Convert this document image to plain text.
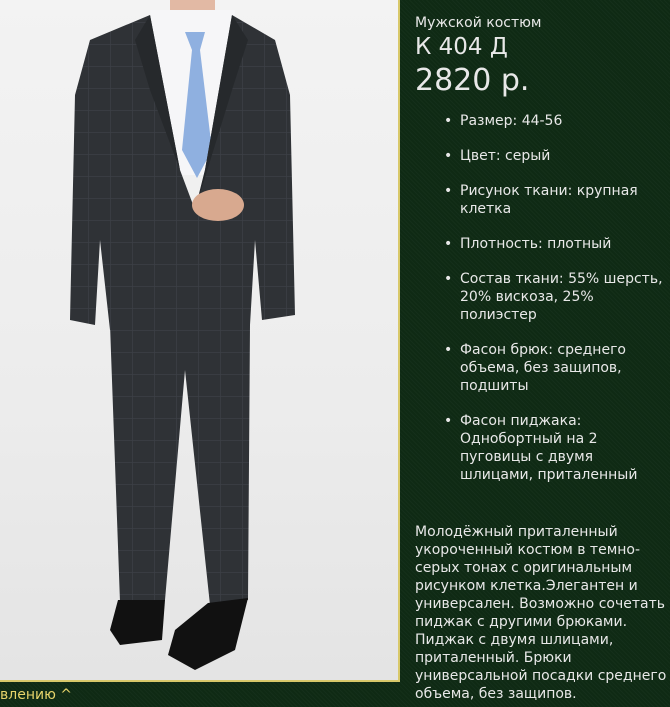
Мужской костюм
К 404 Д
2820 р.
• Размер: 44-56
• Цвет: серый
• Рисунок ткани: крупная клетка
• Плотность: плотный
• Состав ткани: 55% шерсть, 20% вискоза, 25% полиэстер
• Фасон брюк: среднего объема, без защипов, подшиты
• Фасон пиджака: Однобортный на 2 пуговицы с двумя шлицами, приталенный
Молодёжный приталенный укороченный костюм в темно-серых тонах с оригинальным рисунком клетка.Элегантен и универсален. Возможно сочетать пиджак с другими брюками. Пиджак с двумя шлицами, приталенный. Брюки универсальной посадки среднего объема, без защипов.
влению ^
